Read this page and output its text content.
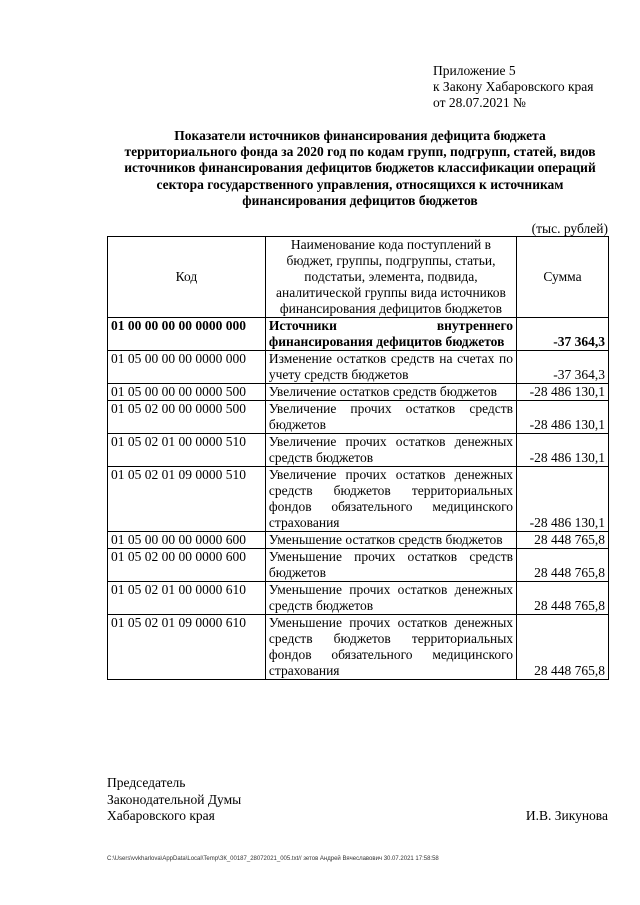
Приложение 5
к Закону Хабаровского края
от 28.07.2021 №
Показатели источников финансирования дефицита бюджета
территориального фонда за 2020 год по кодам групп, подгрупп, статей, видов
источников финансирования дефицитов бюджетов классификации операций
сектора государственного управления, относящихся к источникам
финансирования дефицитов бюджетов
(тыс. рублей)
Код	Наименование кода поступлений в бюджет, группы, подгруппы, статьи, подстатьи, элемента, подвида, аналитической группы вида источников финансирования дефицитов бюджетов	Сумма
01 00 00 00 00 0000 000	Источники внутреннего финансирования дефицитов бюджетов	-37 364,3
01 05 00 00 00 0000 000	Изменение остатков средств на счетах по учету средств бюджетов	-37 364,3
01 05 00 00 00 0000 500	Увеличение остатков средств бюджетов	-28 486 130,1
01 05 02 00 00 0000 500	Увеличение прочих остатков средств бюджетов	-28 486 130,1
01 05 02 01 00 0000 510	Увеличение прочих остатков денежных средств бюджетов	-28 486 130,1
01 05 02 01 09 0000 510	Увеличение прочих остатков денежных средств бюджетов территориальных фондов обязательного медицинского страхования	-28 486 130,1
01 05 00 00 00 0000 600	Уменьшение остатков средств бюджетов	28 448 765,8
01 05 02 00 00 0000 600	Уменьшение прочих остатков средств бюджетов	28 448 765,8
01 05 02 01 00 0000 610	Уменьшение прочих остатков денежных средств бюджетов	28 448 765,8
01 05 02 01 09 0000 610	Уменьшение прочих остатков денежных средств бюджетов территориальных фондов обязательного медицинского страхования	28 448 765,8
Председатель
Законодательной Думы
Хабаровского края	И.В. Зикунова
C:\Users\vvkharlova\AppData\Local\Temp\ЗК_00187_28072021_005.txt// зетов Андрей Вячеславович 30.07.2021 17:58:58
